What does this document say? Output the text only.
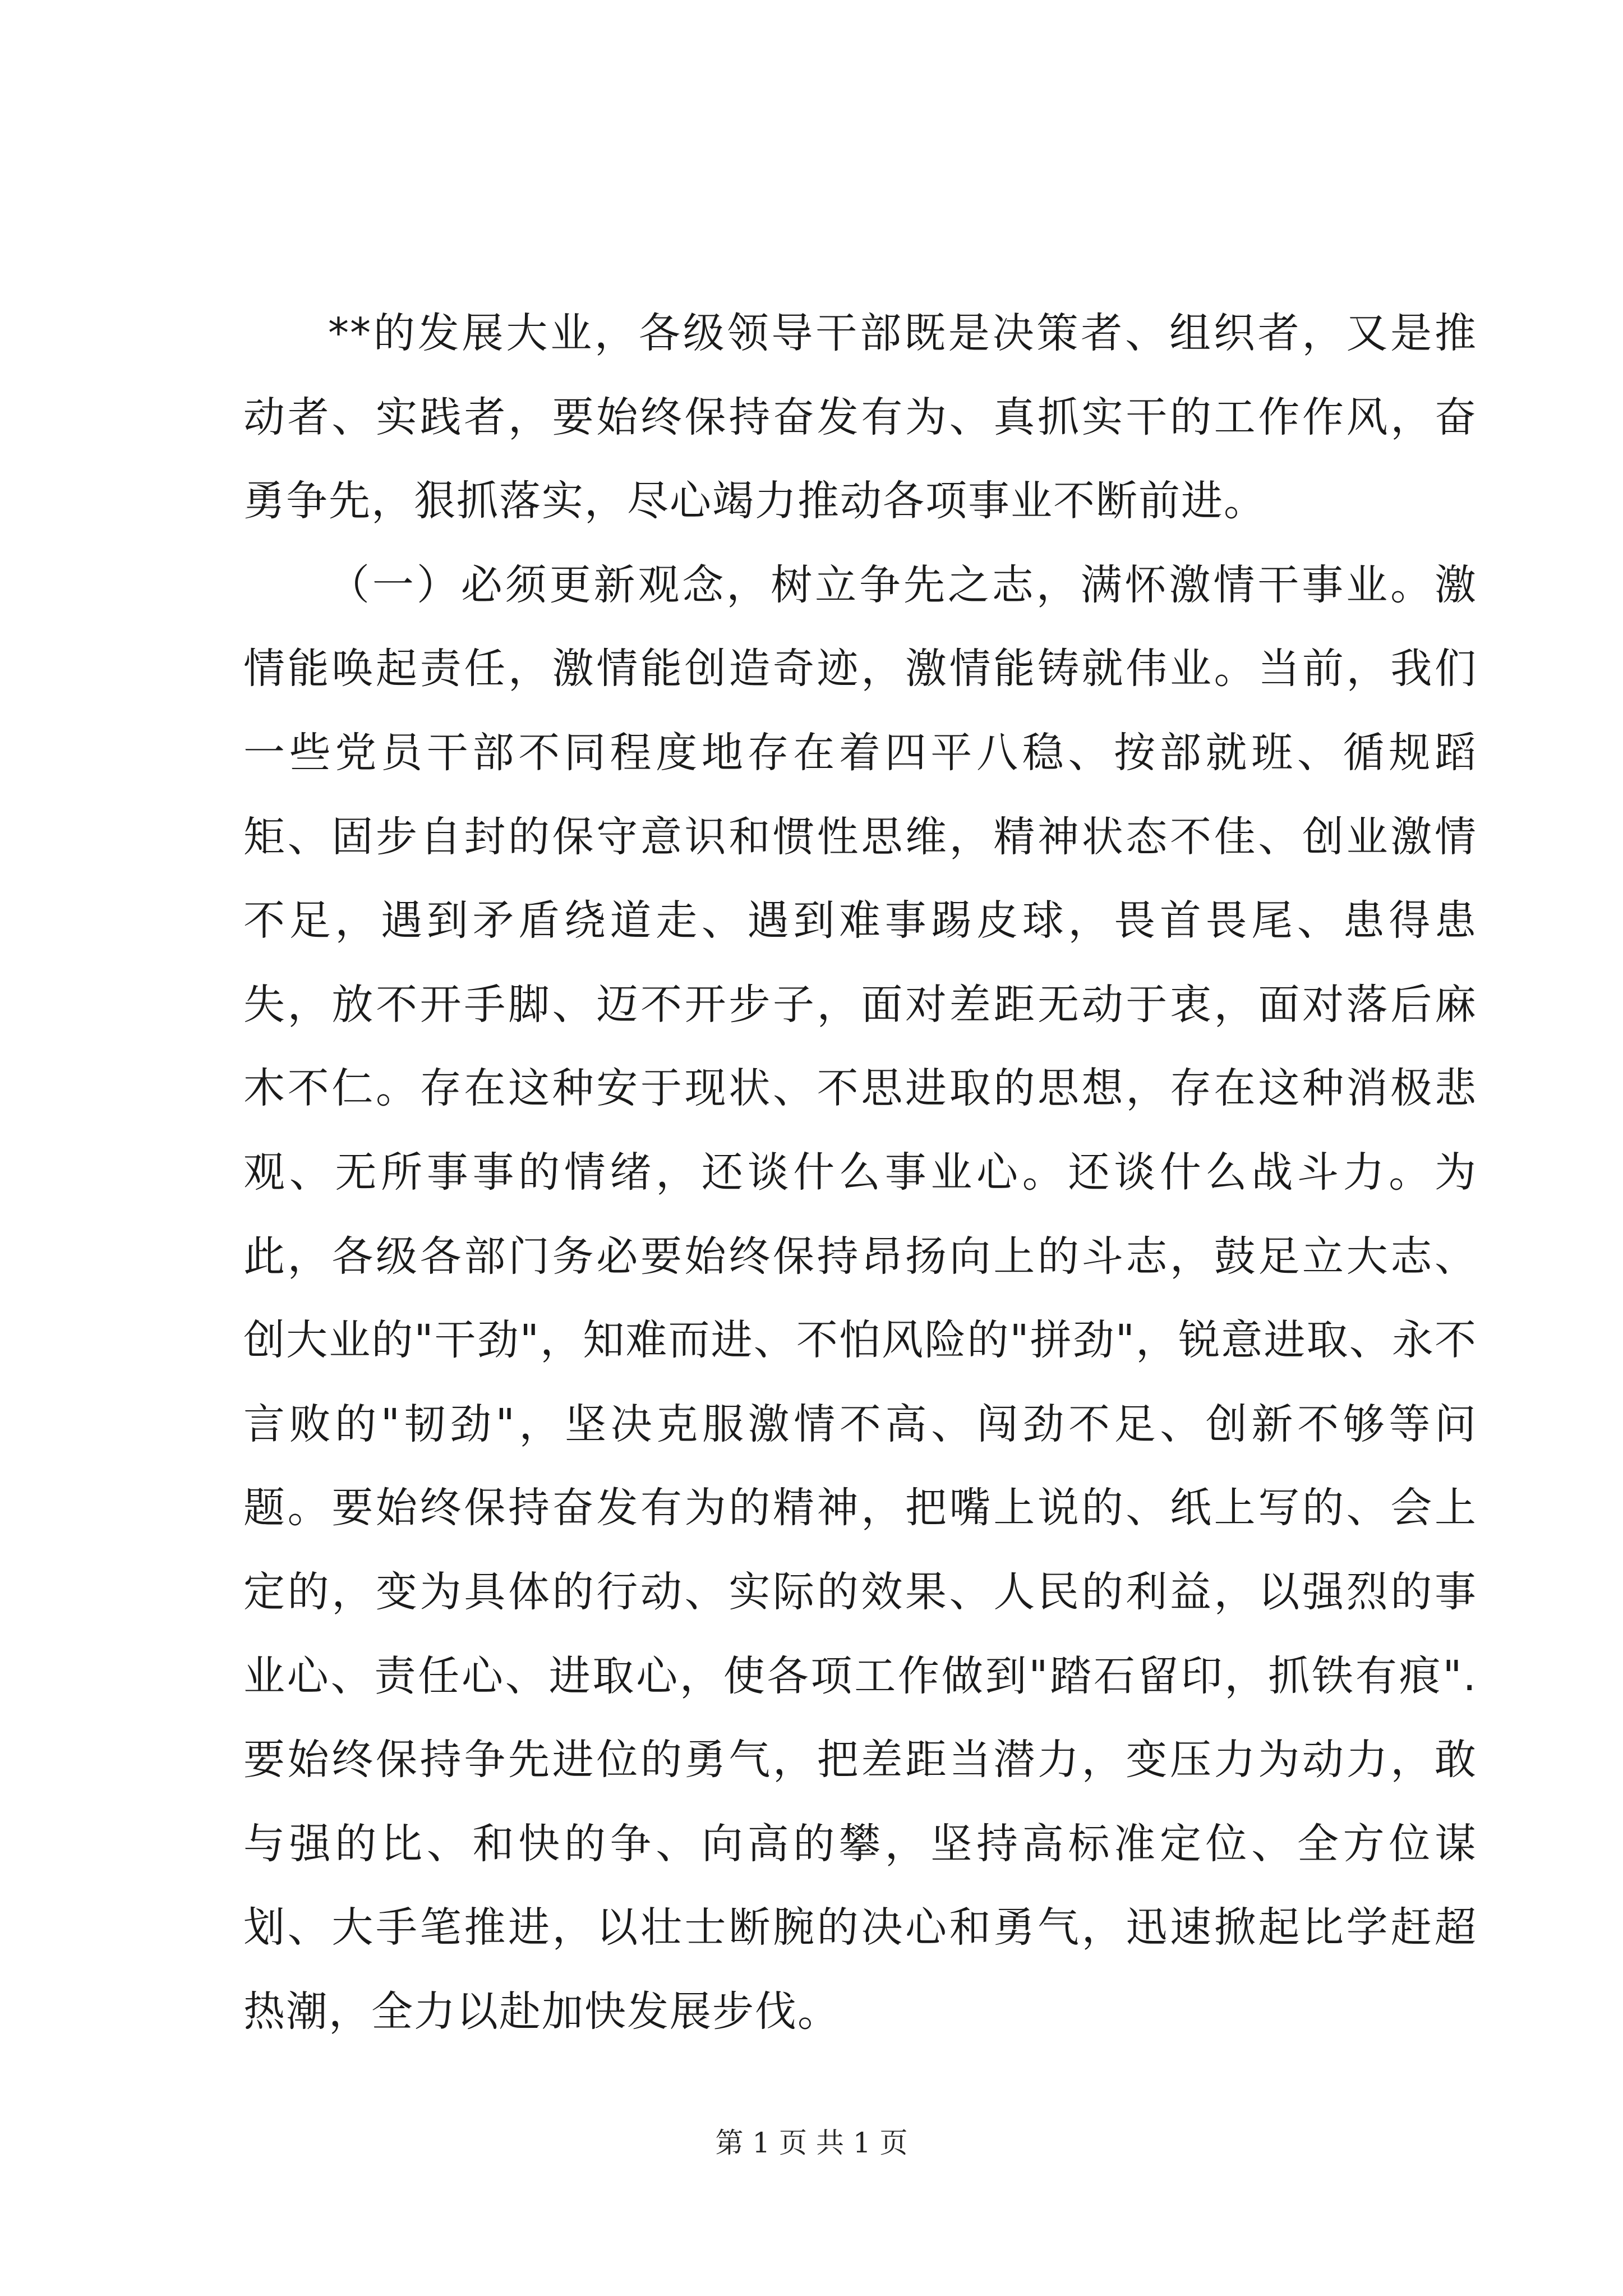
**的发展大业，各级领导干部既是决策者、组织者，又是推动者、实践者，要始终保持奋发有为、真抓实干的工作作风，奋勇争先，狠抓落实，尽心竭力推动各项事业不断前进。

（一）必须更新观念，树立争先之志，满怀激情干事业。激情能唤起责任，激情能创造奇迹，激情能铸就伟业。当前，我们一些党员干部不同程度地存在着四平八稳、按部就班、循规蹈矩、固步自封的保守意识和惯性思维，精神状态不佳、创业激情不足，遇到矛盾绕道走、遇到难事踢皮球，畏首畏尾、患得患失，放不开手脚、迈不开步子，面对差距无动于衷，面对落后麻木不仁。存在这种安于现状、不思进取的思想，存在这种消极悲观、无所事事的情绪，还谈什么事业心。还谈什么战斗力。为此，各级各部门务必要始终保持昂扬向上的斗志，鼓足立大志、创大业的"干劲"，知难而进、不怕风险的"拼劲"，锐意进取、永不言败的"韧劲"，坚决克服激情不高、闯劲不足、创新不够等问题。要始终保持奋发有为的精神，把嘴上说的、纸上写的、会上定的，变为具体的行动、实际的效果、人民的利益，以强烈的事业心、责任心、进取心，使各项工作做到"踏石留印，抓铁有痕".要始终保持争先进位的勇气，把差距当潜力，变压力为动力，敢与强的比、和快的争、向高的攀，坚持高标准定位、全方位谋划、大手笔推进，以壮士断腕的决心和勇气，迅速掀起比学赶超热潮，全力以赴加快发展步伐。

第 1 页 共 1 页
